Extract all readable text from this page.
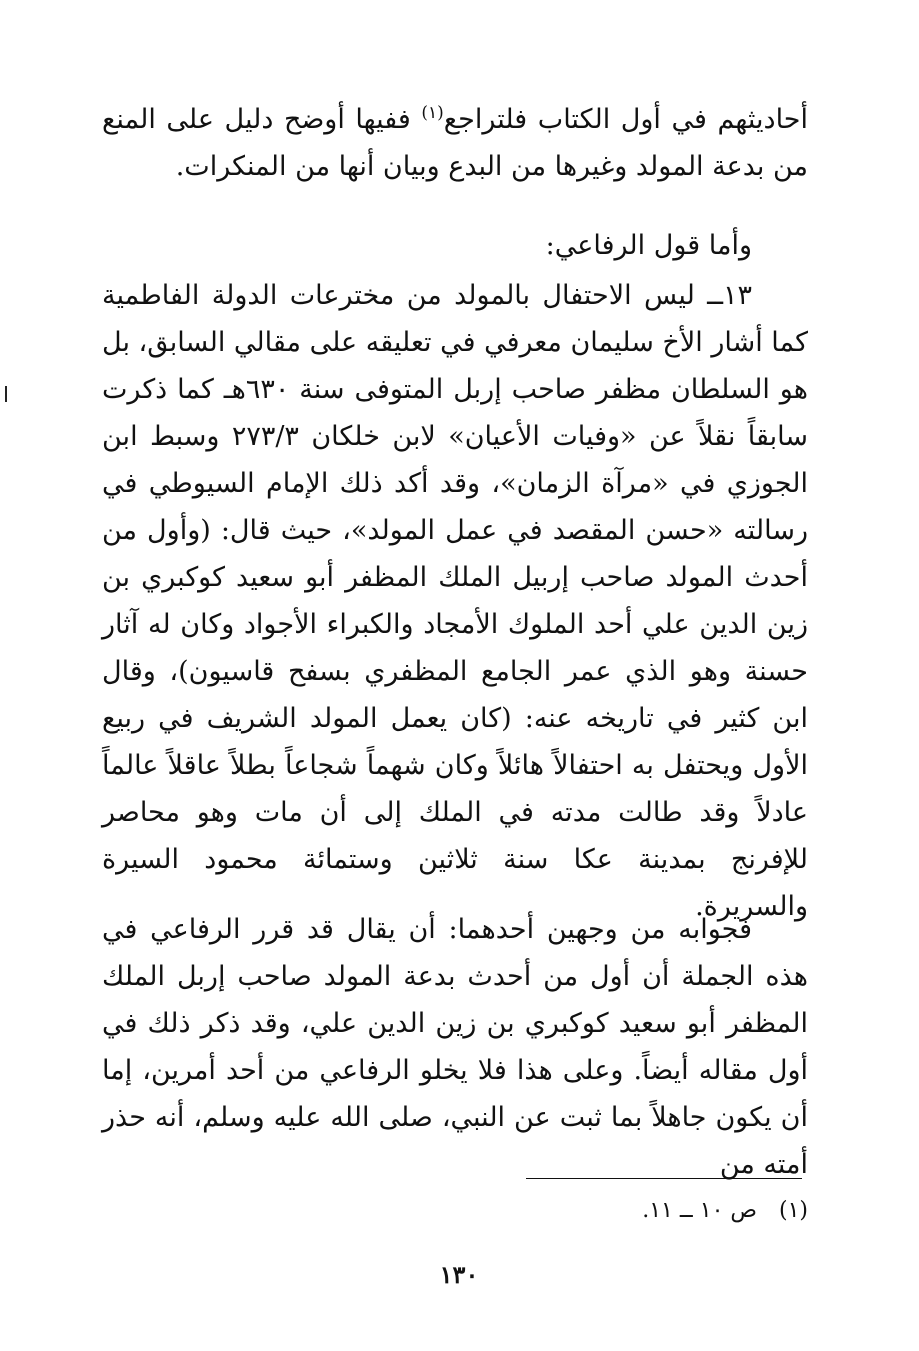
أحاديثهم في أول الكتاب فلتراجع$^{(١)}$ ففيها أوضح دليل على المنع من بدعة المولد وغيرها من البدع وبيان أنها من المنكرات.

وأما قول الرفاعي:

١٣ــ ليس الاحتفال بالمولد من مخترعات الدولة الفاطمية كما أشار الأخ سليمان معرفي في تعليقه على مقالي السابق، بل هو السلطان مظفر صاحب إربل المتوفى سنة ٦٣٠هـ كما ذكرت سابقاً نقلاً عن «وفيات الأعيان» لابن خلكان ٢٧٣/٣ وسبط ابن الجوزي في «مرآة الزمان»، وقد أكد ذلك الإمام السيوطي في رسالته «حسن المقصد في عمل المولد»، حيث قال: (وأول من أحدث المولد صاحب إربيل الملك المظفر أبو سعيد كوكبري بن زين الدين علي أحد الملوك الأمجاد والكبراء الأجواد وكان له آثار حسنة وهو الذي عمر الجامع المظفري بسفح قاسيون)، وقال ابن كثير في تاريخه عنه: (كان يعمل المولد الشريف في ربيع الأول ويحتفل به احتفالاً هائلاً وكان شهماً شجاعاً بطلاً عاقلاً عالماً عادلاً وقد طالت مدته في الملك إلى أن مات وهو محاصر للإفرنج بمدينة عكا سنة ثلاثين وستمائة محمود السيرة والسريرة.

فجوابه من وجهين أحدهما: أن يقال قد قرر الرفاعي في هذه الجملة أن أول من أحدث بدعة المولد صاحب إربل الملك المظفر أبو سعيد كوكبري بن زين الدين علي، وقد ذكر ذلك في أول مقاله أيضاً. وعلى هذا فلا يخلو الرفاعي من أحد أمرين، إما أن يكون جاهلاً بما ثبت عن النبي، صلى الله عليه وسلم، أنه حذر أمته من

(١)ص ١٠ ــ ١١.
١٣٠
